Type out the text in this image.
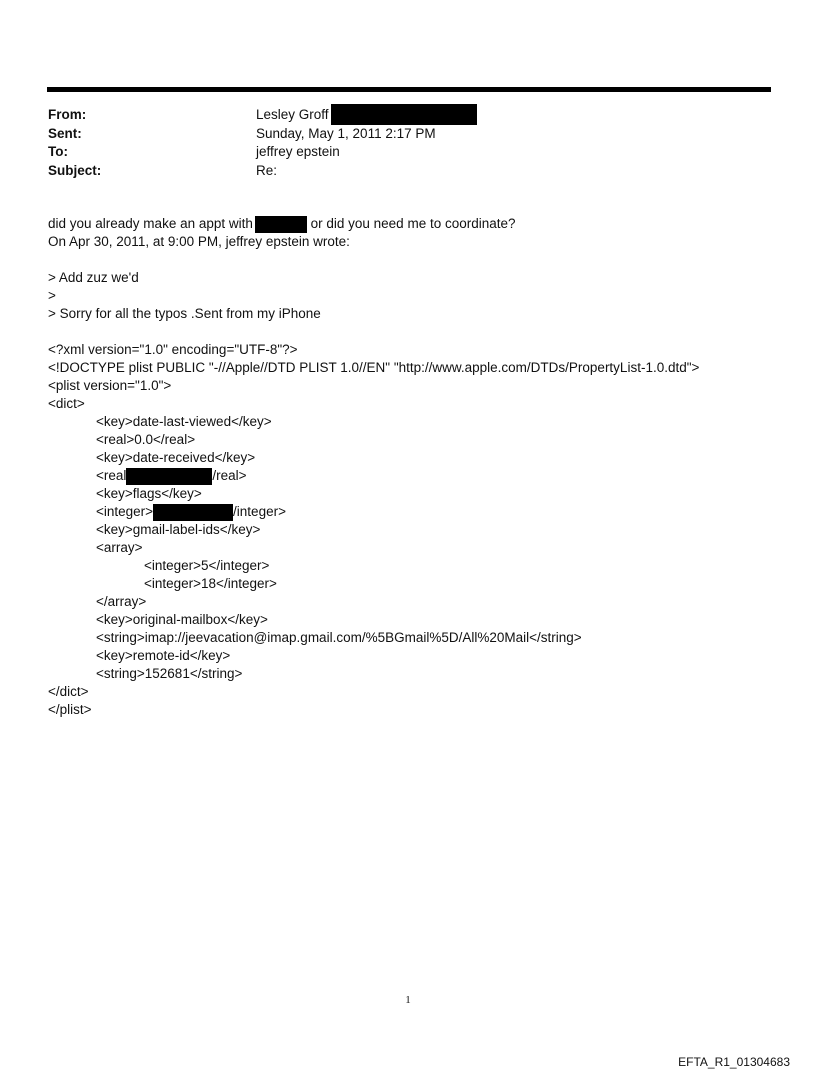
From:	Lesley Groff
Sent:	Sunday, May 1, 2011 2:17 PM
To:	jeffrey epstein
Subject:	Re:
did you already make an appt with	or did you need me to coordinate?
On Apr 30, 2011, at 9:00 PM, jeffrey epstein wrote:
> Add zuz we'd
>
> Sorry for all the typos .Sent from my iPhone
<?xml version="1.0" encoding="UTF-8"?>
<!DOCTYPE plist PUBLIC "-//Apple//DTD PLIST 1.0//EN" "http://www.apple.com/DTDs/PropertyList-1.0.dtd">
<plist version="1.0">
<dict>
<key>date-last-viewed</key>
<real>0.0</real>
<key>date-received</key>
<real	/real>
<key>flags</key>
<integer>	/integer>
<key>gmail-label-ids</key>
<array>
<integer>5</integer>
<integer>18</integer>
</array>
<key>original-mailbox</key>
<string>imap://jeevacation@imap.gmail.com/%5BGmail%5D/All%20Mail</string>
<key>remote-id</key>
<string>152681</string>
</dict>
</plist>
1
EFTA_R1_01304683
